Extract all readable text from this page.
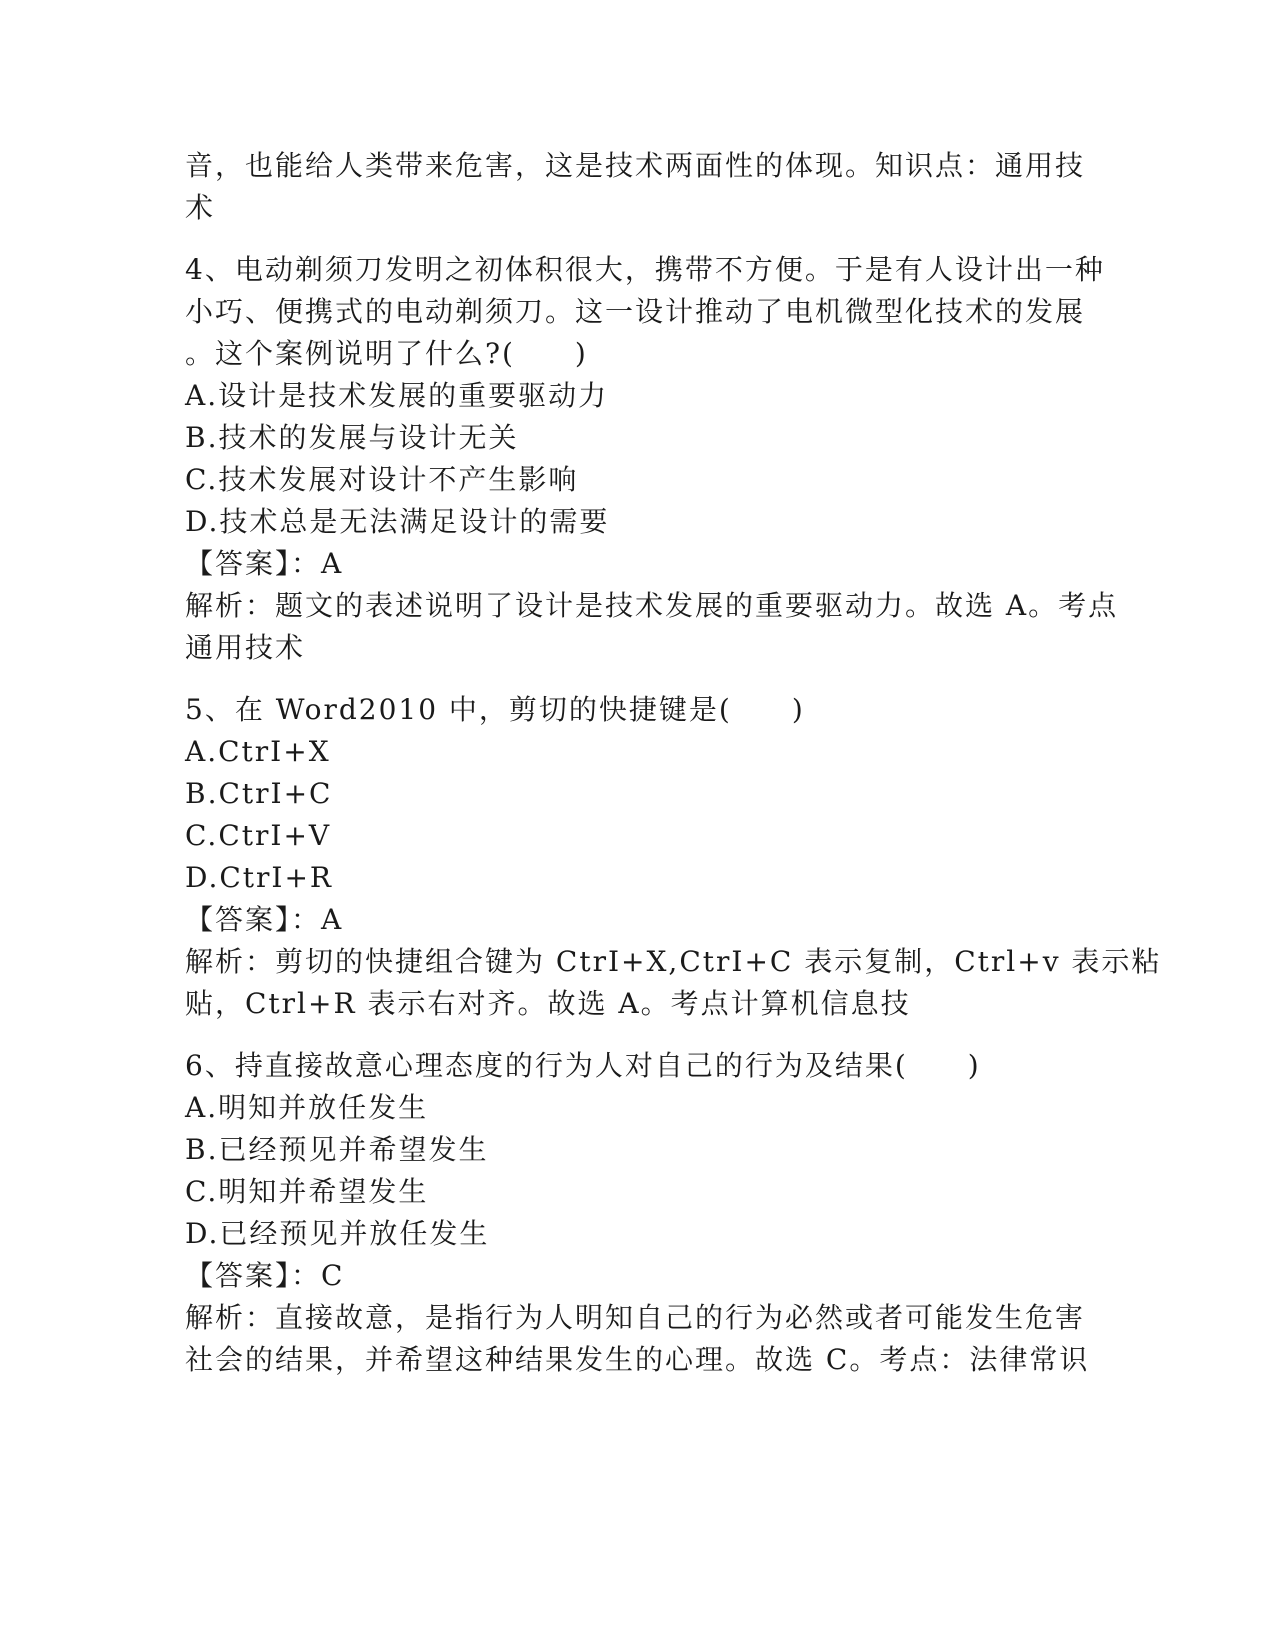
音，也能给人类带来危害，这是技术两面性的体现。知识点：通用技
术
4、电动剃须刀发明之初体积很大，携带不方便。于是有人设计出一种
小巧、便携式的电动剃须刀。这一设计推动了电机微型化技术的发展
。这个案例说明了什么?(　　)
A.设计是技术发展的重要驱动力
B.技术的发展与设计无关
C.技术发展对设计不产生影响
D.技术总是无法满足设计的需要
【答案】：A
解析：题文的表述说明了设计是技术发展的重要驱动力。故选 A。考点
通用技术
5、在 Word2010 中，剪切的快捷键是(　　)
A.CtrI+X
B.CtrI+C
C.CtrI+V
D.CtrI+R
【答案】：A
解析：剪切的快捷组合键为 CtrI+X,CtrI+C 表示复制，Ctrl+v 表示粘
贴，Ctrl+R 表示右对齐。故选 A。考点计算机信息技
6、持直接故意心理态度的行为人对自己的行为及结果(　　)
A.明知并放任发生
B.已经预见并希望发生
C.明知并希望发生
D.已经预见并放任发生
【答案】：C
解析：直接故意，是指行为人明知自己的行为必然或者可能发生危害
社会的结果，并希望这种结果发生的心理。故选 C。考点：法律常识
